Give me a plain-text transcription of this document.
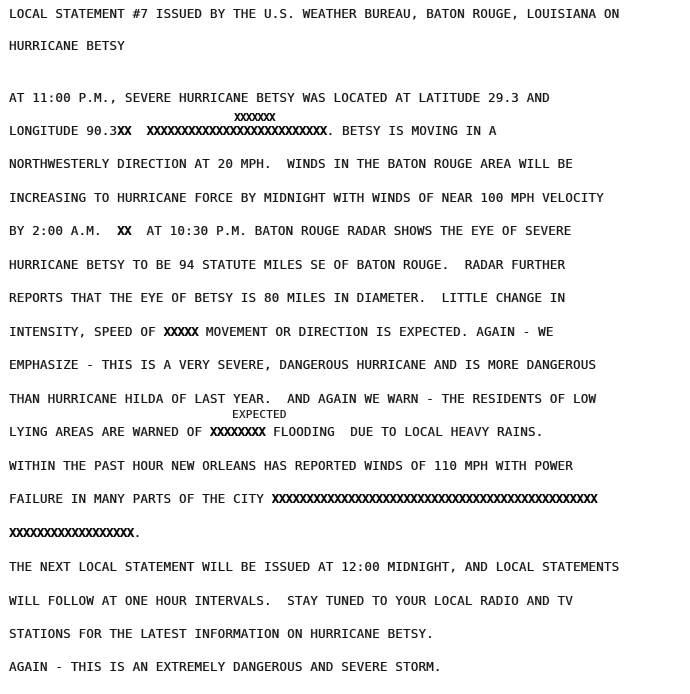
LOCAL STATEMENT #7 ISSUED BY THE U.S. WEATHER BUREAU, BATON ROUGE, LOUISIANA ON
HURRICANE BETSY
XXXXXXX
AT 11:00 P.M., SEVERE HURRICANE BETSY WAS LOCATED AT LATITUDE 29.3 AND
LONGITUDE 90.3XX XXXXXXXXXXXXXXXXXXXXXXXXXX. BETSY IS MOVING IN A
NORTHWESTERLY DIRECTION AT 20 MPH.  WINDS IN THE BATON ROUGE AREA WILL BE
INCREASING TO HURRICANE FORCE BY MIDNIGHT WITH WINDS OF NEAR 100 MPH VELOCITY
BY 2:00 A.M.  XX  AT 10:30 P.M. BATON ROUGE RADAR SHOWS THE EYE OF SEVERE
HURRICANE BETSY TO BE 94 STATUTE MILES SE OF BATON ROUGE.  RADAR FURTHER
REPORTS THAT THE EYE OF BETSY IS 80 MILES IN DIAMETER.  LITTLE CHANGE IN
INTENSITY, SPEED OF XXXXX MOVEMENT OR DIRECTION IS EXPECTED. AGAIN - WE
EMPHASIZE - THIS IS A VERY SEVERE, DANGEROUS HURRICANE AND IS MORE DANGEROUS
THAN HURRICANE HILDA OF LAST YEAR.  AND AGAIN WE WARN - THE RESIDENTS OF LOW
EXPECTED
LYING AREAS ARE WARNED OF XXXXXXXX FLOODING  DUE TO LOCAL HEAVY RAINS.
WITHIN THE PAST HOUR NEW ORLEANS HAS REPORTED WINDS OF 110 MPH WITH POWER
FAILURE IN MANY PARTS OF THE CITY XXXXXXXXXXXXXXXXXXXXXXXXXXXXXXXXXXXXXXXXXXXXXXX
XXXXXXXXXXXXXXXXXX.
THE NEXT LOCAL STATEMENT WILL BE ISSUED AT 12:00 MIDNIGHT, AND LOCAL STATEMENTS
WILL FOLLOW AT ONE HOUR INTERVALS.  STAY TUNED TO YOUR LOCAL RADIO AND TV
STATIONS FOR THE LATEST INFORMATION ON HURRICANE BETSY.
AGAIN - THIS IS AN EXTREMELY DANGEROUS AND SEVERE STORM.
